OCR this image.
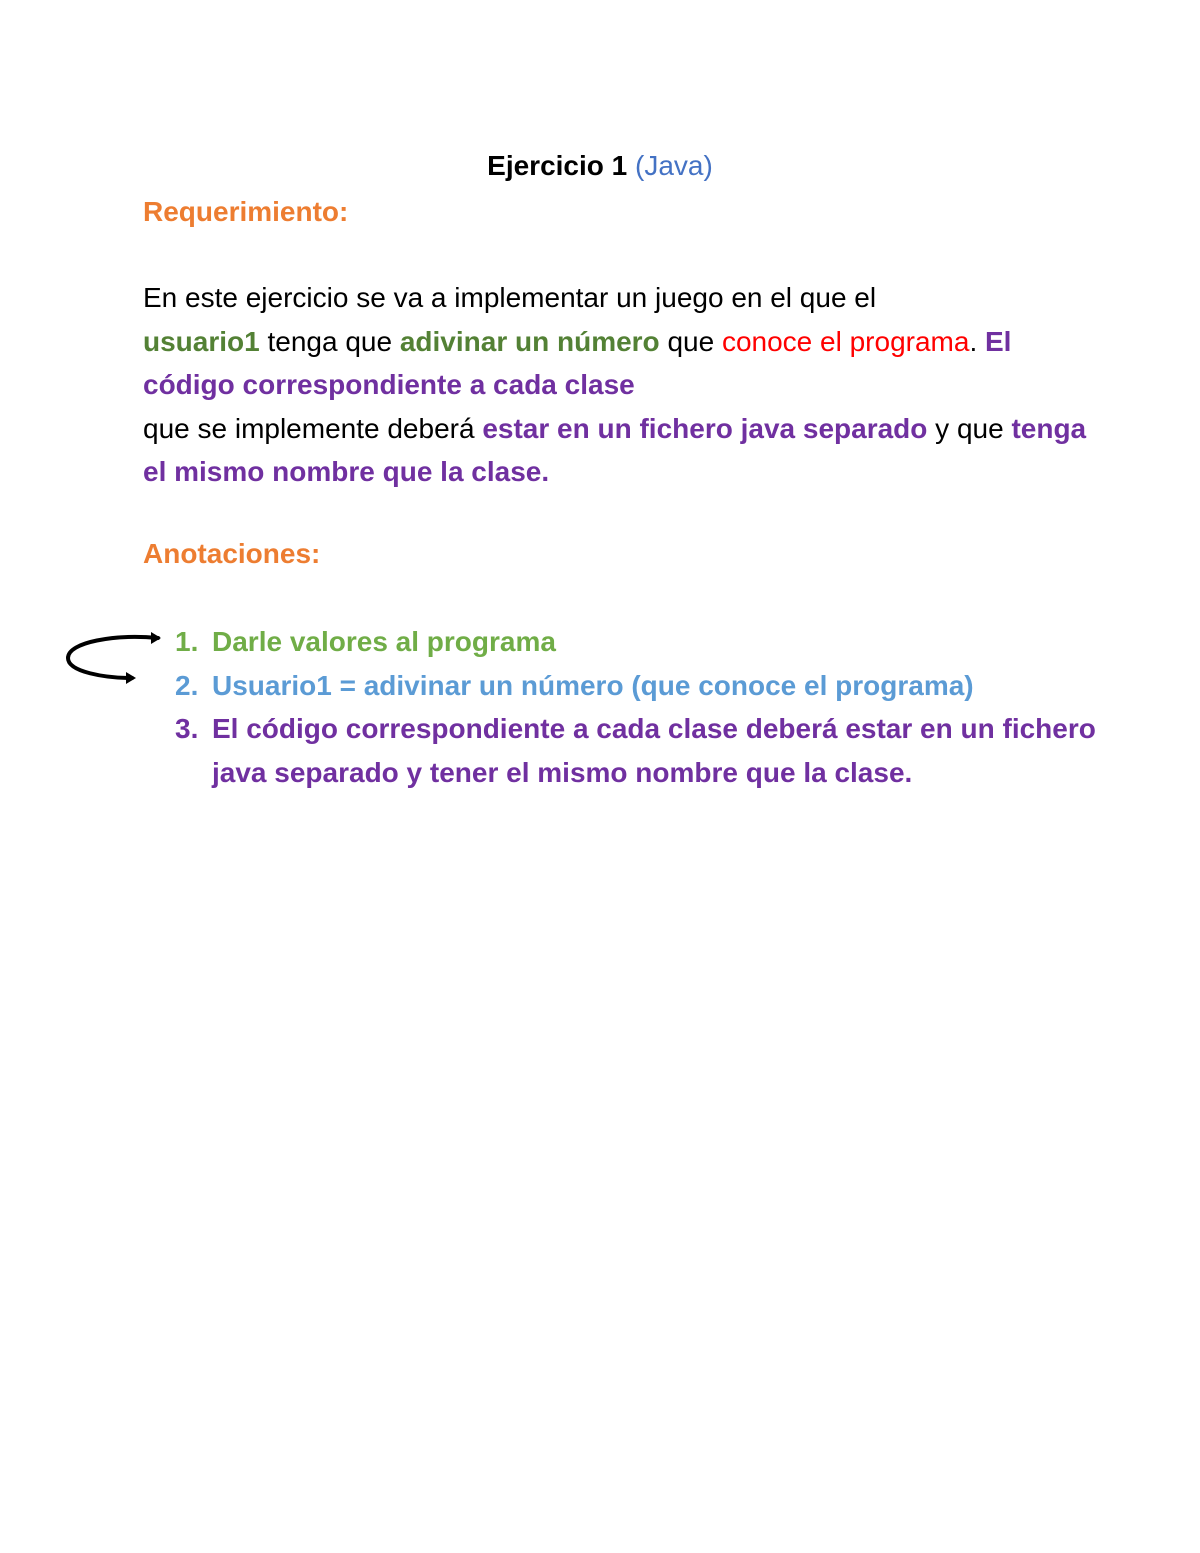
Ejercicio 1 (Java)
Requerimiento:
En este ejercicio se va a implementar un juego en el que el
usuario1 tenga que adivinar un número que conoce el programa. El código correspondiente a cada clase
que se implemente deberá estar en un fichero java separado y que tenga el mismo nombre que la clase.
Anotaciones:
1. Darle valores al programa
2. Usuario1 = adivinar un número (que conoce el programa)
3. El código correspondiente a cada clase deberá estar en un fichero java separado y tener el mismo nombre que la clase.
